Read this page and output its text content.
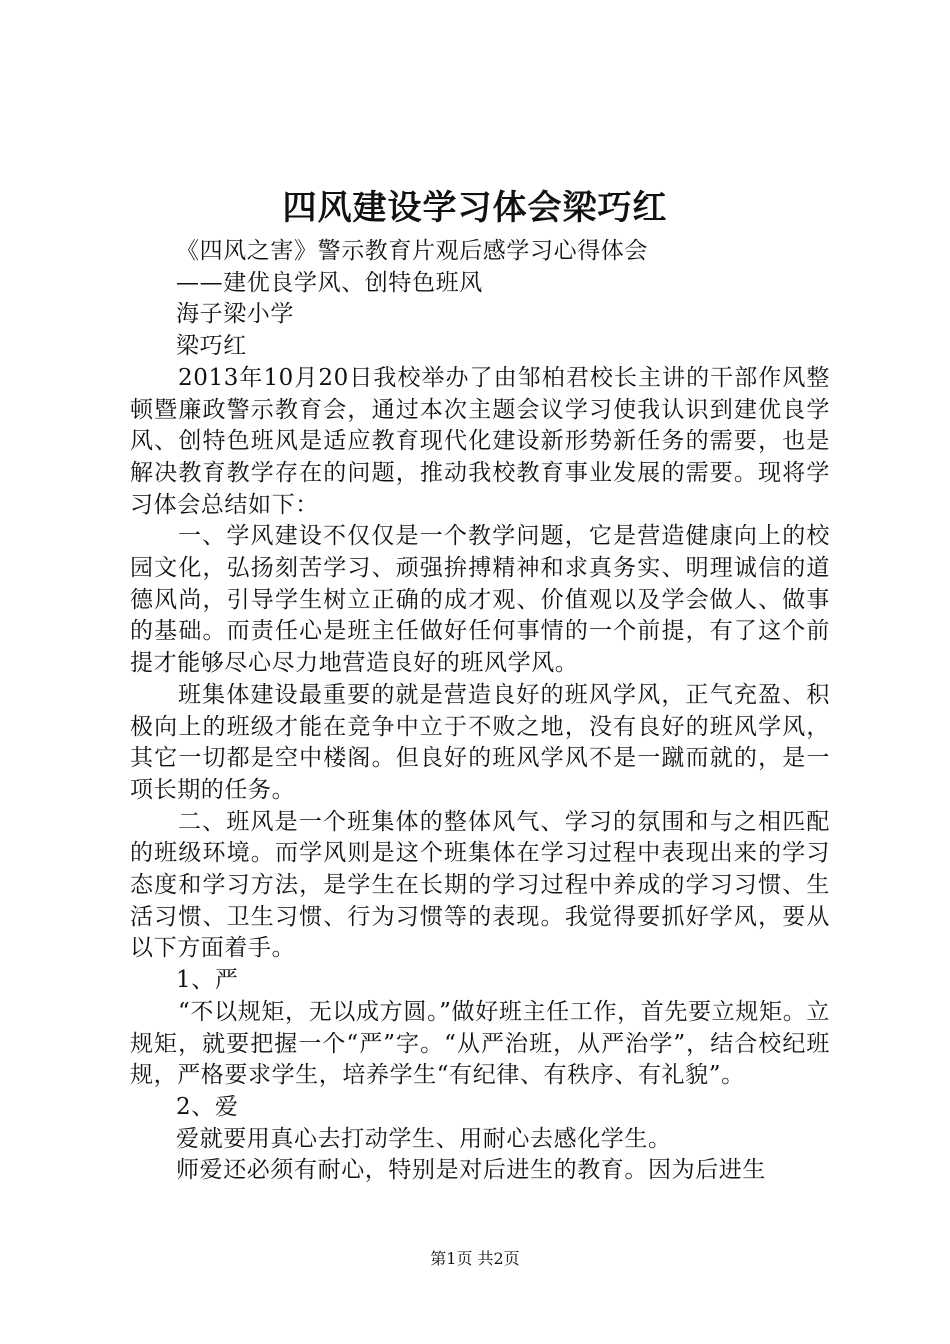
四风建设学习体会梁巧红

《四风之害》警示教育片观后感学习心得体会

——建优良学风、创特色班风

海子梁小学

梁巧红

2013年10月20日我校举办了由邹柏君校长主讲的干部作风整顿暨廉政警示教育会，通过本次主题会议学习使我认识到建优良学风、创特色班风是适应教育现代化建设新形势新任务的需要，也是解决教育教学存在的问题，推动我校教育事业发展的需要。现将学习体会总结如下：

一、学风建设不仅仅是一个教学问题，它是营造健康向上的校园文化，弘扬刻苦学习、顽强拚搏精神和求真务实、明理诚信的道德风尚，引导学生树立正确的成才观、价值观以及学会做人、做事的基础。而责任心是班主任做好任何事情的一个前提，有了这个前提才能够尽心尽力地营造良好的班风学风。

班集体建设最重要的就是营造良好的班风学风，正气充盈、积极向上的班级才能在竞争中立于不败之地，没有良好的班风学风，其它一切都是空中楼阁。但良好的班风学风不是一蹴而就的，是一项长期的任务。

二、班风是一个班集体的整体风气、学习的氛围和与之相匹配的班级环境。而学风则是这个班集体在学习过程中表现出来的学习态度和学习方法，是学生在长期的学习过程中养成的学习习惯、生活习惯、卫生习惯、行为习惯等的表现。我觉得要抓好学风，要从以下方面着手。

1、严

“不以规矩，无以成方圆。”做好班主任工作，首先要立规矩。立规矩，就要把握一个“严”字。“从严治班，从严治学”，结合校纪班规，严格要求学生，培养学生“有纪律、有秩序、有礼貌”。

2、爱

爱就要用真心去打动学生、用耐心去感化学生。

师爱还必须有耐心，特别是对后进生的教育。因为后进生

第1页 共2页
